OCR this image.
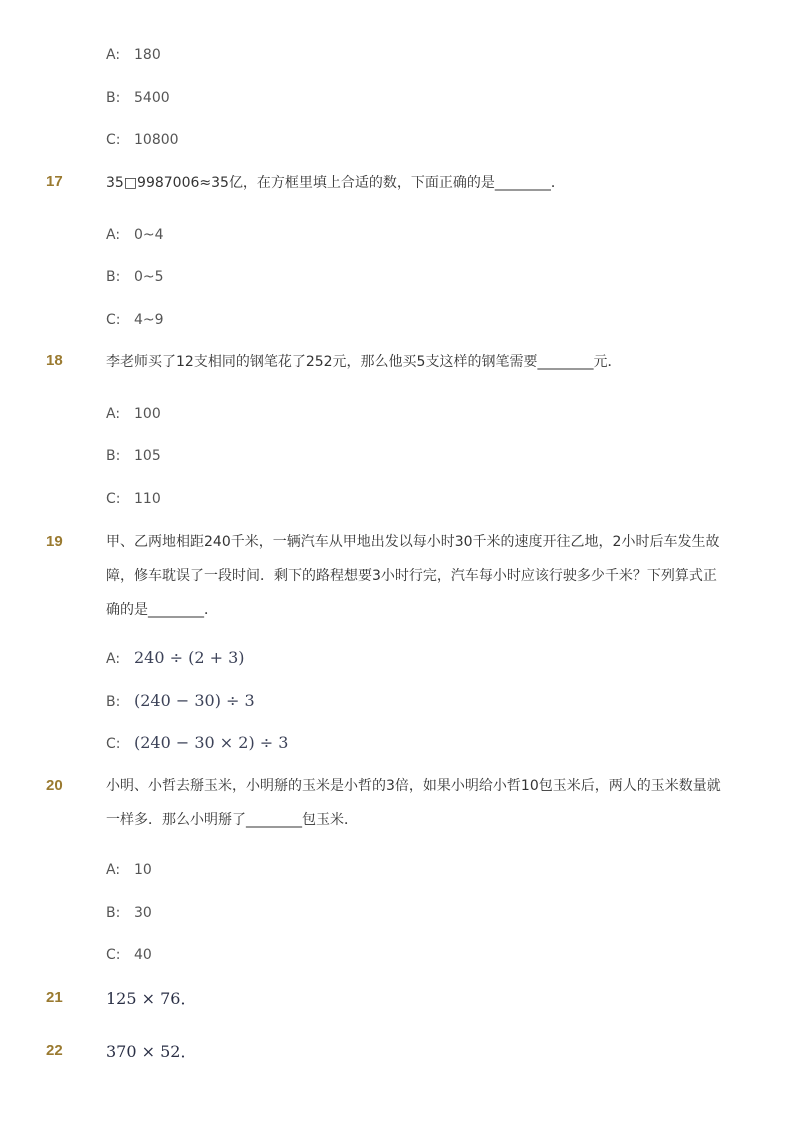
A: 180
B: 5400
C: 10800
17	35□9987006≈35亿，在方框里填上合适的数，下面正确的是________．
A: 0~4
B: 0~5
C: 4~9
18	李老师买了12支相同的钢笔花了252元，那么他买5支这样的钢笔需要________元．
A: 100
B: 105
C: 110
19	甲、乙两地相距240千米，一辆汽车从甲地出发以每小时30千米的速度开往乙地，2小时后车发生故障，修车耽误了一段时间．剩下的路程想要3小时行完，汽车每小时应该行驶多少千米？下列算式正确的是________．
A: 240 ÷ (2 + 3)
B: (240 − 30) ÷ 3
C: (240 − 30 × 2) ÷ 3
20	小明、小哲去掰玉米，小明掰的玉米是小哲的3倍，如果小明给小哲10包玉米后，两人的玉米数量就一样多．那么小明掰了________包玉米．
A: 10
B: 30
C: 40
21	125 × 76．
22	370 × 52．
